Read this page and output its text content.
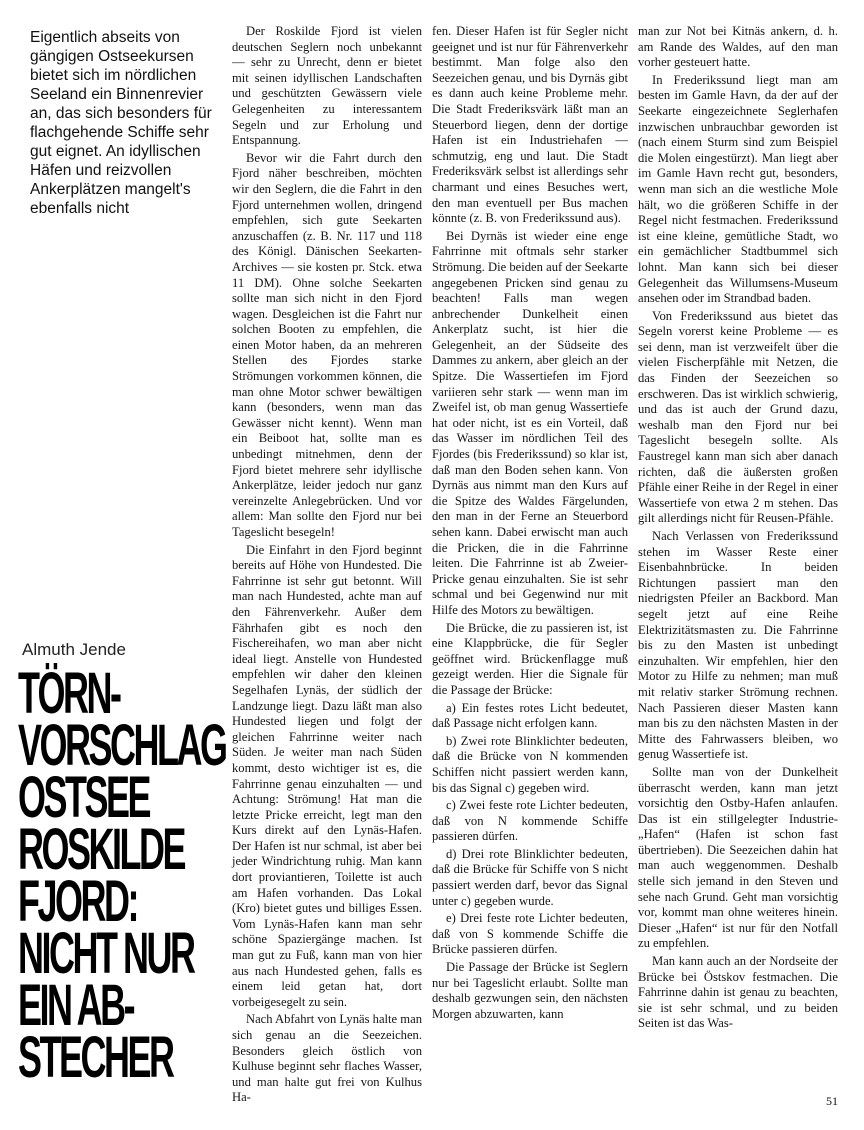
Eigentlich abseits von gängigen Ostseekursen bietet sich im nördlichen Seeland ein Binnenrevier an, das sich besonders für flachgehende Schiffe sehr gut eignet. An idyllischen Häfen und reizvollen Ankerplätzen mangelt's ebenfalls nicht

Almuth Jende
TÖRN-
VORSCHLAG
OSTSEE
ROSKILDE
FJORD:
NICHT NUR
EIN AB-
STECHER

Der Roskilde Fjord ist vielen deutschen Seglern noch unbekannt — sehr zu Unrecht, denn er bietet mit seinen idyllischen Landschaften und geschützten Gewässern viele Gelegenheiten zu interessantem Segeln und zur Erholung und Entspannung.

Bevor wir die Fahrt durch den Fjord näher beschreiben, möchten wir den Seglern, die die Fahrt in den Fjord unternehmen wollen, dringend empfehlen, sich gute Seekarten anzuschaffen (z. B. Nr. 117 und 118 des Königl. Dänischen Seekarten-Archives — sie kosten pr. Stck. etwa 11 DM). Ohne solche Seekarten sollte man sich nicht in den Fjord wagen. Desgleichen ist die Fahrt nur solchen Booten zu empfehlen, die einen Motor haben, da an mehreren Stellen des Fjordes starke Strömungen vorkommen können, die man ohne Motor schwer bewältigen kann (besonders, wenn man das Gewässer nicht kennt). Wenn man ein Beiboot hat, sollte man es unbedingt mitnehmen, denn der Fjord bietet mehrere sehr idyllische Ankerplätze, leider jedoch nur ganz vereinzelte Anlegebrücken. Und vor allem: Man sollte den Fjord nur bei Tageslicht besegeln!

Die Einfahrt in den Fjord beginnt bereits auf Höhe von Hundested. Die Fahrrinne ist sehr gut betonnt. Will man nach Hundested, achte man auf den Fährenverkehr. Außer dem Fährhafen gibt es noch den Fischereihafen, wo man aber nicht ideal liegt. Anstelle von Hundested empfehlen wir daher den kleinen Segelhafen Lynäs, der südlich der Landzunge liegt. Dazu läßt man also Hundested liegen und folgt der gleichen Fahrrinne weiter nach Süden. Je weiter man nach Süden kommt, desto wichtiger ist es, die Fahrrinne genau einzuhalten — und Achtung: Strömung! Hat man die letzte Pricke erreicht, legt man den Kurs direkt auf den Lynäs-Hafen. Der Hafen ist nur schmal, ist aber bei jeder Windrichtung ruhig. Man kann dort proviantieren, Toilette ist auch am Hafen vorhanden. Das Lokal (Kro) bietet gutes und billiges Essen. Vom Lynäs-Hafen kann man sehr schöne Spaziergänge machen. Ist man gut zu Fuß, kann man von hier aus nach Hundested gehen, falls es einem leid getan hat, dort vorbeigesegelt zu sein.

Nach Abfahrt von Lynäs halte man sich genau an die Seezeichen. Besonders gleich östlich von Kulhuse beginnt sehr flaches Wasser, und man halte gut frei von Kulhus Ha-

fen. Dieser Hafen ist für Segler nicht geeignet und ist nur für Fährenverkehr bestimmt. Man folge also den Seezeichen genau, und bis Dyrnäs gibt es dann auch keine Probleme mehr. Die Stadt Frederiksvärk läßt man an Steuerbord liegen, denn der dortige Hafen ist ein Industriehafen — schmutzig, eng und laut. Die Stadt Frederiksvärk selbst ist allerdings sehr charmant und eines Besuches wert, den man eventuell per Bus machen könnte (z. B. von Frederikssund aus).

Bei Dyrnäs ist wieder eine enge Fahrrinne mit oftmals sehr starker Strömung. Die beiden auf der Seekarte angegebenen Pricken sind genau zu beachten! Falls man wegen anbrechender Dunkelheit einen Ankerplatz sucht, ist hier die Gelegenheit, an der Südseite des Dammes zu ankern, aber gleich an der Spitze. Die Wassertiefen im Fjord variieren sehr stark — wenn man im Zweifel ist, ob man genug Wassertiefe hat oder nicht, ist es ein Vorteil, daß das Wasser im nördlichen Teil des Fjordes (bis Frederikssund) so klar ist, daß man den Boden sehen kann. Von Dyrnäs aus nimmt man den Kurs auf die Spitze des Waldes Färgelunden, den man in der Ferne an Steuerbord sehen kann. Dabei erwischt man auch die Pricken, die in die Fahrrinne leiten. Die Fahrrinne ist ab Zweier-Pricke genau einzuhalten. Sie ist sehr schmal und bei Gegenwind nur mit Hilfe des Motors zu bewältigen.

Die Brücke, die zu passieren ist, ist eine Klappbrücke, die für Segler geöffnet wird. Brückenflagge muß gezeigt werden. Hier die Signale für die Passage der Brücke:

a) Ein festes rotes Licht bedeutet, daß Passage nicht erfolgen kann.

b) Zwei rote Blinklichter bedeuten, daß die Brücke von N kommenden Schiffen nicht passiert werden kann, bis das Signal c) gegeben wird.

c) Zwei feste rote Lichter bedeuten, daß von N kommende Schiffe passieren dürfen.

d) Drei rote Blinklichter bedeuten, daß die Brücke für Schiffe von S nicht passiert werden darf, bevor das Signal unter c) gegeben wurde.

e) Drei feste rote Lichter bedeuten, daß von S kommende Schiffe die Brücke passieren dürfen.

Die Passage der Brücke ist Seglern nur bei Tageslicht erlaubt. Sollte man deshalb gezwungen sein, den nächsten Morgen abzuwarten, kann

man zur Not bei Kitnäs ankern, d. h. am Rande des Waldes, auf den man vorher gesteuert hatte.

In Frederikssund liegt man am besten im Gamle Havn, da der auf der Seekarte eingezeichnete Seglerhafen inzwischen unbrauchbar geworden ist (nach einem Sturm sind zum Beispiel die Molen eingestürzt). Man liegt aber im Gamle Havn recht gut, besonders, wenn man sich an die westliche Mole hält, wo die größeren Schiffe in der Regel nicht festmachen. Frederikssund ist eine kleine, gemütliche Stadt, wo ein gemächlicher Stadtbummel sich lohnt. Man kann sich bei dieser Gelegenheit das Willumsens-Museum ansehen oder im Strandbad baden.

Von Frederikssund aus bietet das Segeln vorerst keine Probleme — es sei denn, man ist verzweifelt über die vielen Fischerpfähle mit Netzen, die das Finden der Seezeichen so erschweren. Das ist wirklich schwierig, und das ist auch der Grund dazu, weshalb man den Fjord nur bei Tageslicht besegeln sollte. Als Faustregel kann man sich aber danach richten, daß die äußersten großen Pfähle einer Reihe in der Regel in einer Wassertiefe von etwa 2 m stehen. Das gilt allerdings nicht für Reusen-Pfähle.

Nach Verlassen von Frederikssund stehen im Wasser Reste einer Eisenbahnbrücke. In beiden Richtungen passiert man den niedrigsten Pfeiler an Backbord. Man segelt jetzt auf eine Reihe Elektrizitätsmasten zu. Die Fahrrinne bis zu den Masten ist unbedingt einzuhalten. Wir empfehlen, hier den Motor zu Hilfe zu nehmen; man muß mit relativ starker Strömung rechnen. Nach Passieren dieser Masten kann man bis zu den nächsten Masten in der Mitte des Fahrwassers bleiben, wo genug Wassertiefe ist.

Sollte man von der Dunkelheit überrascht werden, kann man jetzt vorsichtig den Ostby-Hafen anlaufen. Das ist ein stillgelegter Industrie-„Hafen“ (Hafen ist schon fast übertrieben). Die Seezeichen dahin hat man auch weggenommen. Deshalb stelle sich jemand in den Steven und sehe nach Grund. Geht man vorsichtig vor, kommt man ohne weiteres hinein. Dieser „Hafen“ ist nur für den Notfall zu empfehlen.

Man kann auch an der Nordseite der Brücke bei Östskov festmachen. Die Fahrrinne dahin ist genau zu beachten, sie ist sehr schmal, und zu beiden Seiten ist das Was-

51
